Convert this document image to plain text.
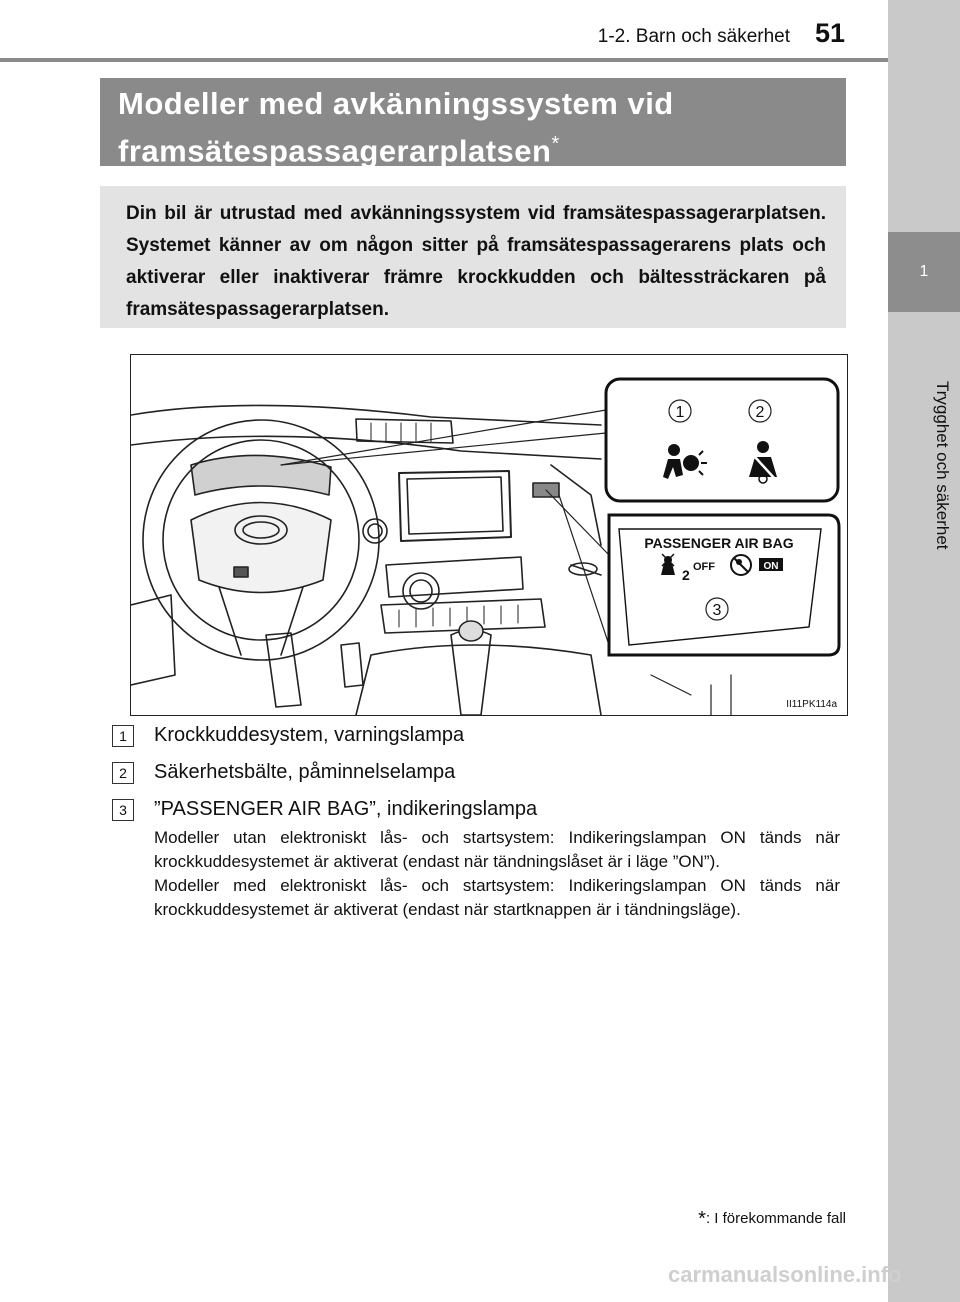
1-2. Barn och säkerhet 51
1
Trygghet och säkerhet
Modeller med avkänningssystem vid
framsätespassagerarplatsen*
Din bil är utrustad med avkänningssystem vid framsätespassagerarplatsen. Systemet känner av om någon sitter på framsätespassagerarens plats och aktiverar eller inaktiverar främre krockkudden och bältessträckaren på framsätespassagerarplatsen.
1	2
PASSENGER AIR BAG
2 OFF	ON
3
II11PK114a
1	Krockkuddesystem, varningslampa
2	Säkerhetsbälte, påminnelselampa
3	”PASSENGER AIR BAG”, indikeringslampa

Modeller utan elektroniskt lås- och startsystem: Indikeringslampan ON tänds när krockkuddesystemet är aktiverat (endast när tändningslåset är i läge ”ON”).

Modeller med elektroniskt lås- och startsystem: Indikeringslampan ON tänds när krockkuddesystemet är aktiverat (endast när startknappen är i tändningsläge).

*: I förekommande fall
carmanualsonline.info
